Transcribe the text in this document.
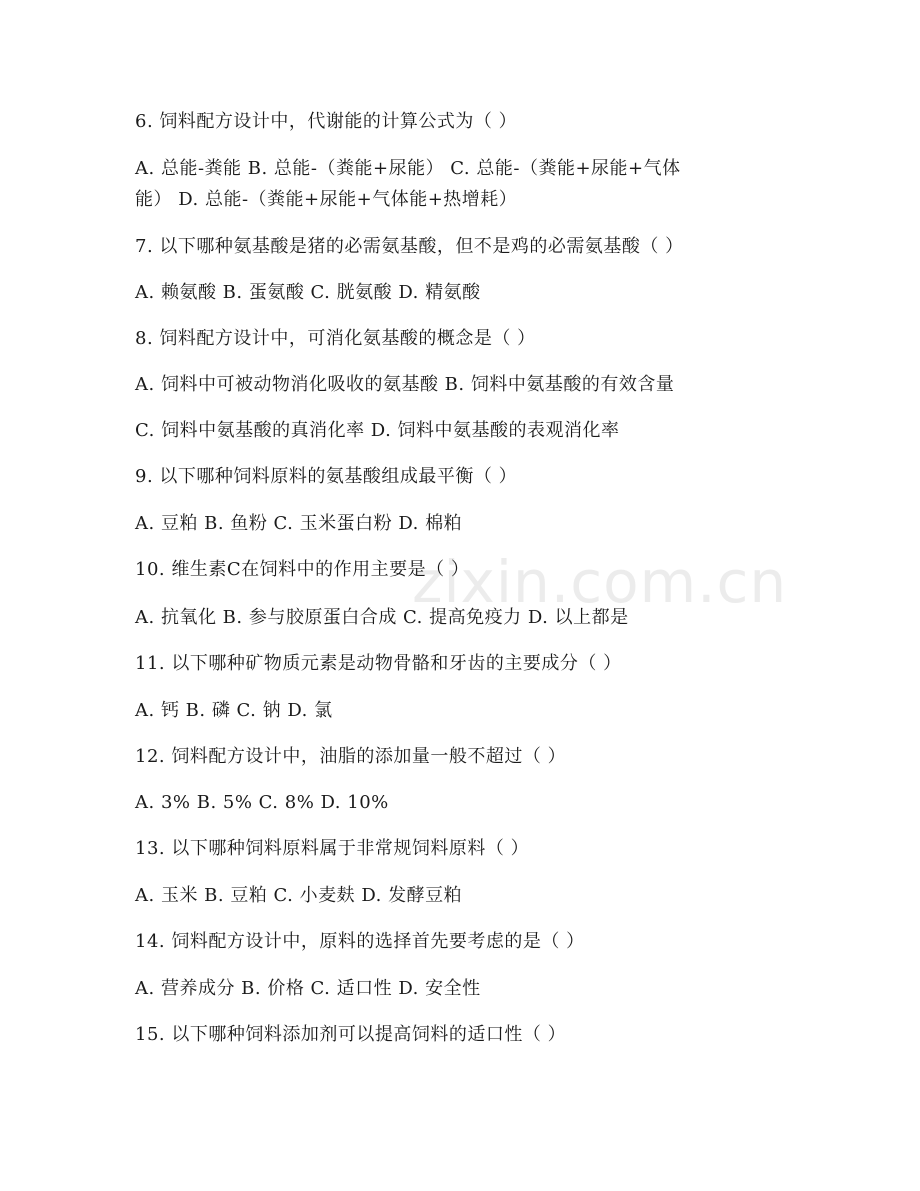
zixin.com.cn
6. 饲料配方设计中，代谢能的计算公式为（ ）
A. 总能-粪能 B. 总能-（粪能+尿能） C. 总能-（粪能+尿能+气体
能） D. 总能-（粪能+尿能+气体能+热增耗）
7. 以下哪种氨基酸是猪的必需氨基酸，但不是鸡的必需氨基酸（ ）
A. 赖氨酸 B. 蛋氨酸 C. 胱氨酸 D. 精氨酸
8. 饲料配方设计中，可消化氨基酸的概念是（ ）
A. 饲料中可被动物消化吸收的氨基酸 B. 饲料中氨基酸的有效含量
C. 饲料中氨基酸的真消化率 D. 饲料中氨基酸的表观消化率
9. 以下哪种饲料原料的氨基酸组成最平衡（ ）
A. 豆粕 B. 鱼粉 C. 玉米蛋白粉 D. 棉粕
10. 维生素C在饲料中的作用主要是（ ）
A. 抗氧化 B. 参与胶原蛋白合成 C. 提高免疫力 D. 以上都是
11. 以下哪种矿物质元素是动物骨骼和牙齿的主要成分（ ）
A. 钙 B. 磷 C. 钠 D. 氯
12. 饲料配方设计中，油脂的添加量一般不超过（ ）
A. 3% B. 5% C. 8% D. 10%
13. 以下哪种饲料原料属于非常规饲料原料（ ）
A. 玉米 B. 豆粕 C. 小麦麸 D. 发酵豆粕
14. 饲料配方设计中，原料的选择首先要考虑的是（ ）
A. 营养成分 B. 价格 C. 适口性 D. 安全性
15. 以下哪种饲料添加剂可以提高饲料的适口性（ ）
